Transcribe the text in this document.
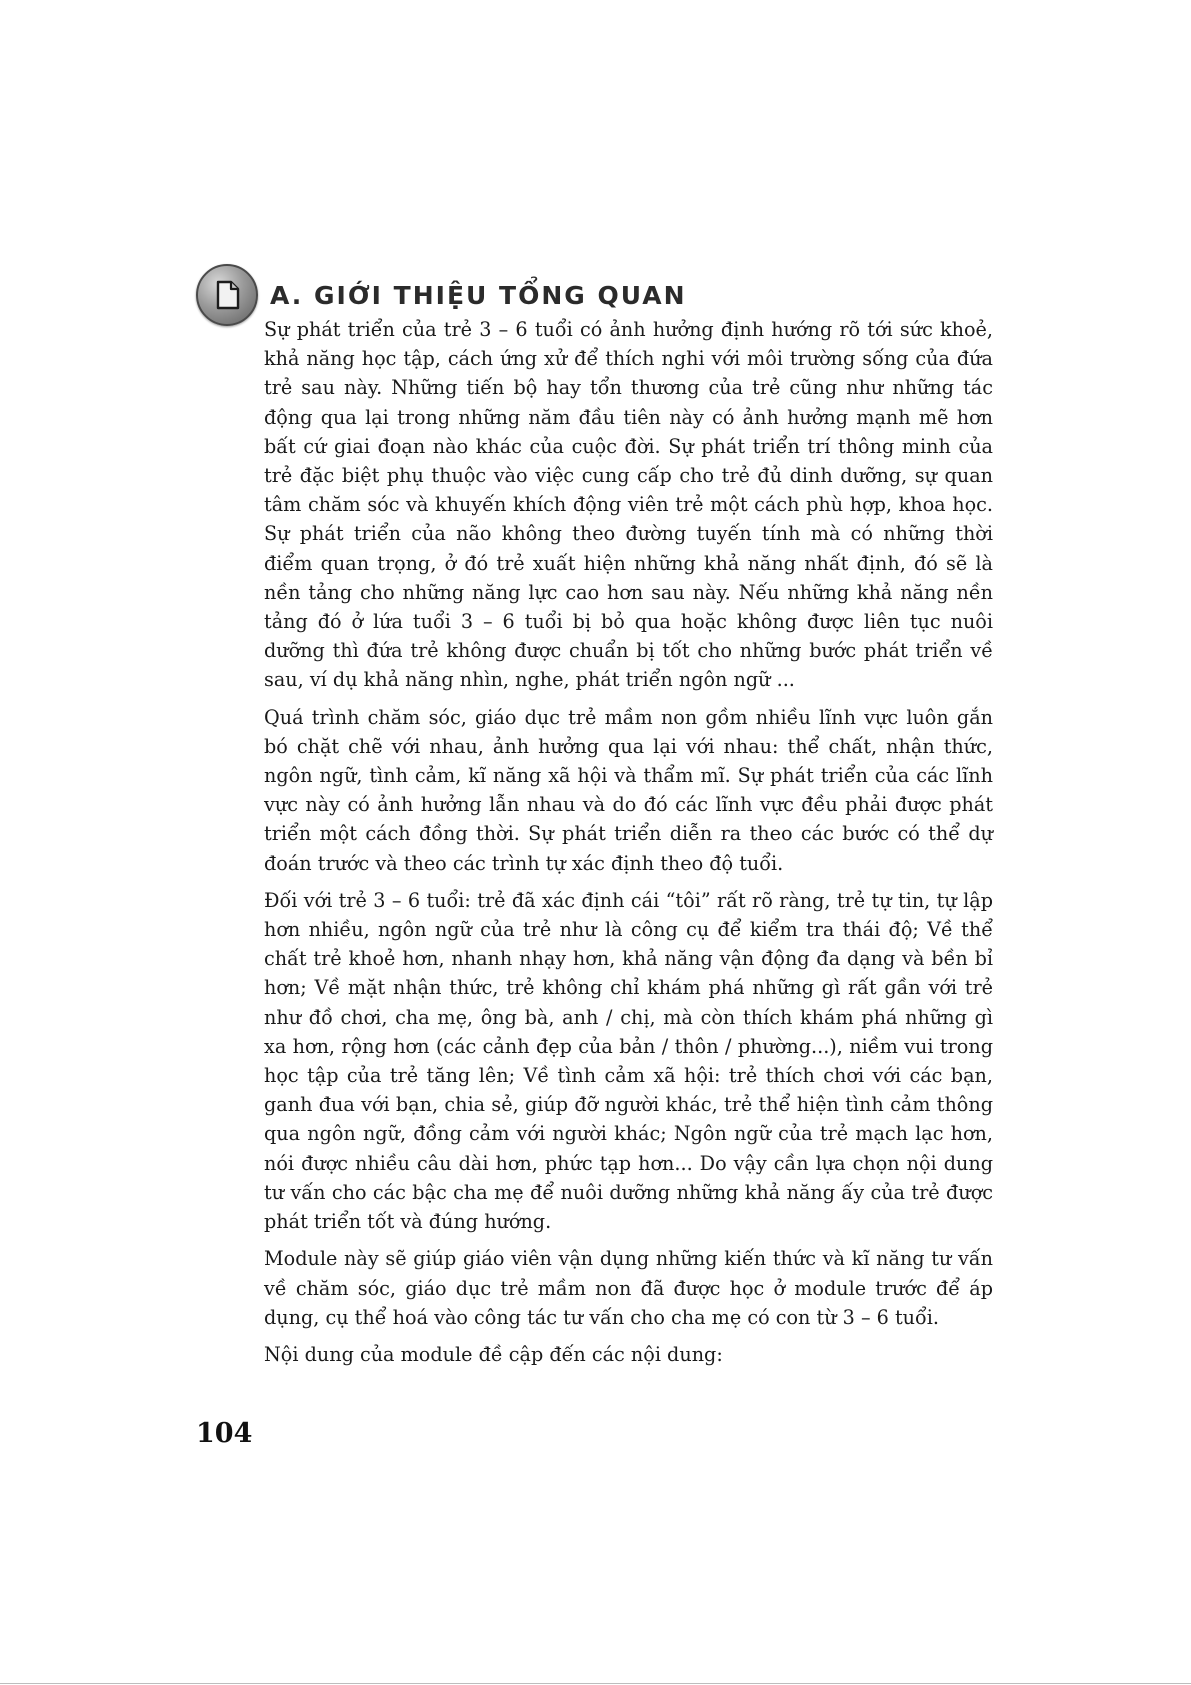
A. GIỚI THIỆU TỔNG QUAN

Sự phát triển của trẻ 3 – 6 tuổi có ảnh hưởng định hướng rõ tới sức khoẻ, khả năng học tập, cách ứng xử để thích nghi với môi trường sống của đứa trẻ sau này. Những tiến bộ hay tổn thương của trẻ cũng như những tác động qua lại trong những năm đầu tiên này có ảnh hưởng mạnh mẽ hơn bất cứ giai đoạn nào khác của cuộc đời. Sự phát triển trí thông minh của trẻ đặc biệt phụ thuộc vào việc cung cấp cho trẻ đủ dinh dưỡng, sự quan tâm chăm sóc và khuyến khích động viên trẻ một cách phù hợp, khoa học. Sự phát triển của não không theo đường tuyến tính mà có những thời điểm quan trọng, ở đó trẻ xuất hiện những khả năng nhất định, đó sẽ là nền tảng cho những năng lực cao hơn sau này. Nếu những khả năng nền tảng đó ở lứa tuổi 3 – 6 tuổi bị bỏ qua hoặc không được liên tục nuôi dưỡng thì đứa trẻ không được chuẩn bị tốt cho những bước phát triển về sau, ví dụ khả năng nhìn, nghe, phát triển ngôn ngữ ...

Quá trình chăm sóc, giáo dục trẻ mầm non gồm nhiều lĩnh vực luôn gắn bó chặt chẽ với nhau, ảnh hưởng qua lại với nhau: thể chất, nhận thức, ngôn ngữ, tình cảm, kĩ năng xã hội và thẩm mĩ. Sự phát triển của các lĩnh vực này có ảnh hưởng lẫn nhau và do đó các lĩnh vực đều phải được phát triển một cách đồng thời. Sự phát triển diễn ra theo các bước có thể dự đoán trước và theo các trình tự xác định theo độ tuổi.

Đối với trẻ 3 – 6 tuổi: trẻ đã xác định cái “tôi” rất rõ ràng, trẻ tự tin, tự lập hơn nhiều, ngôn ngữ của trẻ như là công cụ để kiểm tra thái độ; Về thể chất trẻ khoẻ hơn, nhanh nhạy hơn, khả năng vận động đa dạng và bền bỉ hơn; Về mặt nhận thức, trẻ không chỉ khám phá những gì rất gần với trẻ như đồ chơi, cha mẹ, ông bà, anh / chị, mà còn thích khám phá những gì xa hơn, rộng hơn (các cảnh đẹp của bản / thôn / phường...), niềm vui trong học tập của trẻ tăng lên; Về tình cảm xã hội: trẻ thích chơi với các bạn, ganh đua với bạn, chia sẻ, giúp đỡ người khác, trẻ thể hiện tình cảm thông qua ngôn ngữ, đồng cảm với người khác; Ngôn ngữ của trẻ mạch lạc hơn, nói được nhiều câu dài hơn, phức tạp hơn... Do vậy cần lựa chọn nội dung tư vấn cho các bậc cha mẹ để nuôi dưỡng những khả năng ấy của trẻ được phát triển tốt và đúng hướng.

Module này sẽ giúp giáo viên vận dụng những kiến thức và kĩ năng tư vấn về chăm sóc, giáo dục trẻ mầm non đã được học ở module trước để áp dụng, cụ thể hoá vào công tác tư vấn cho cha mẹ có con từ 3 – 6 tuổi.

Nội dung của module đề cập đến các nội dung:

104
